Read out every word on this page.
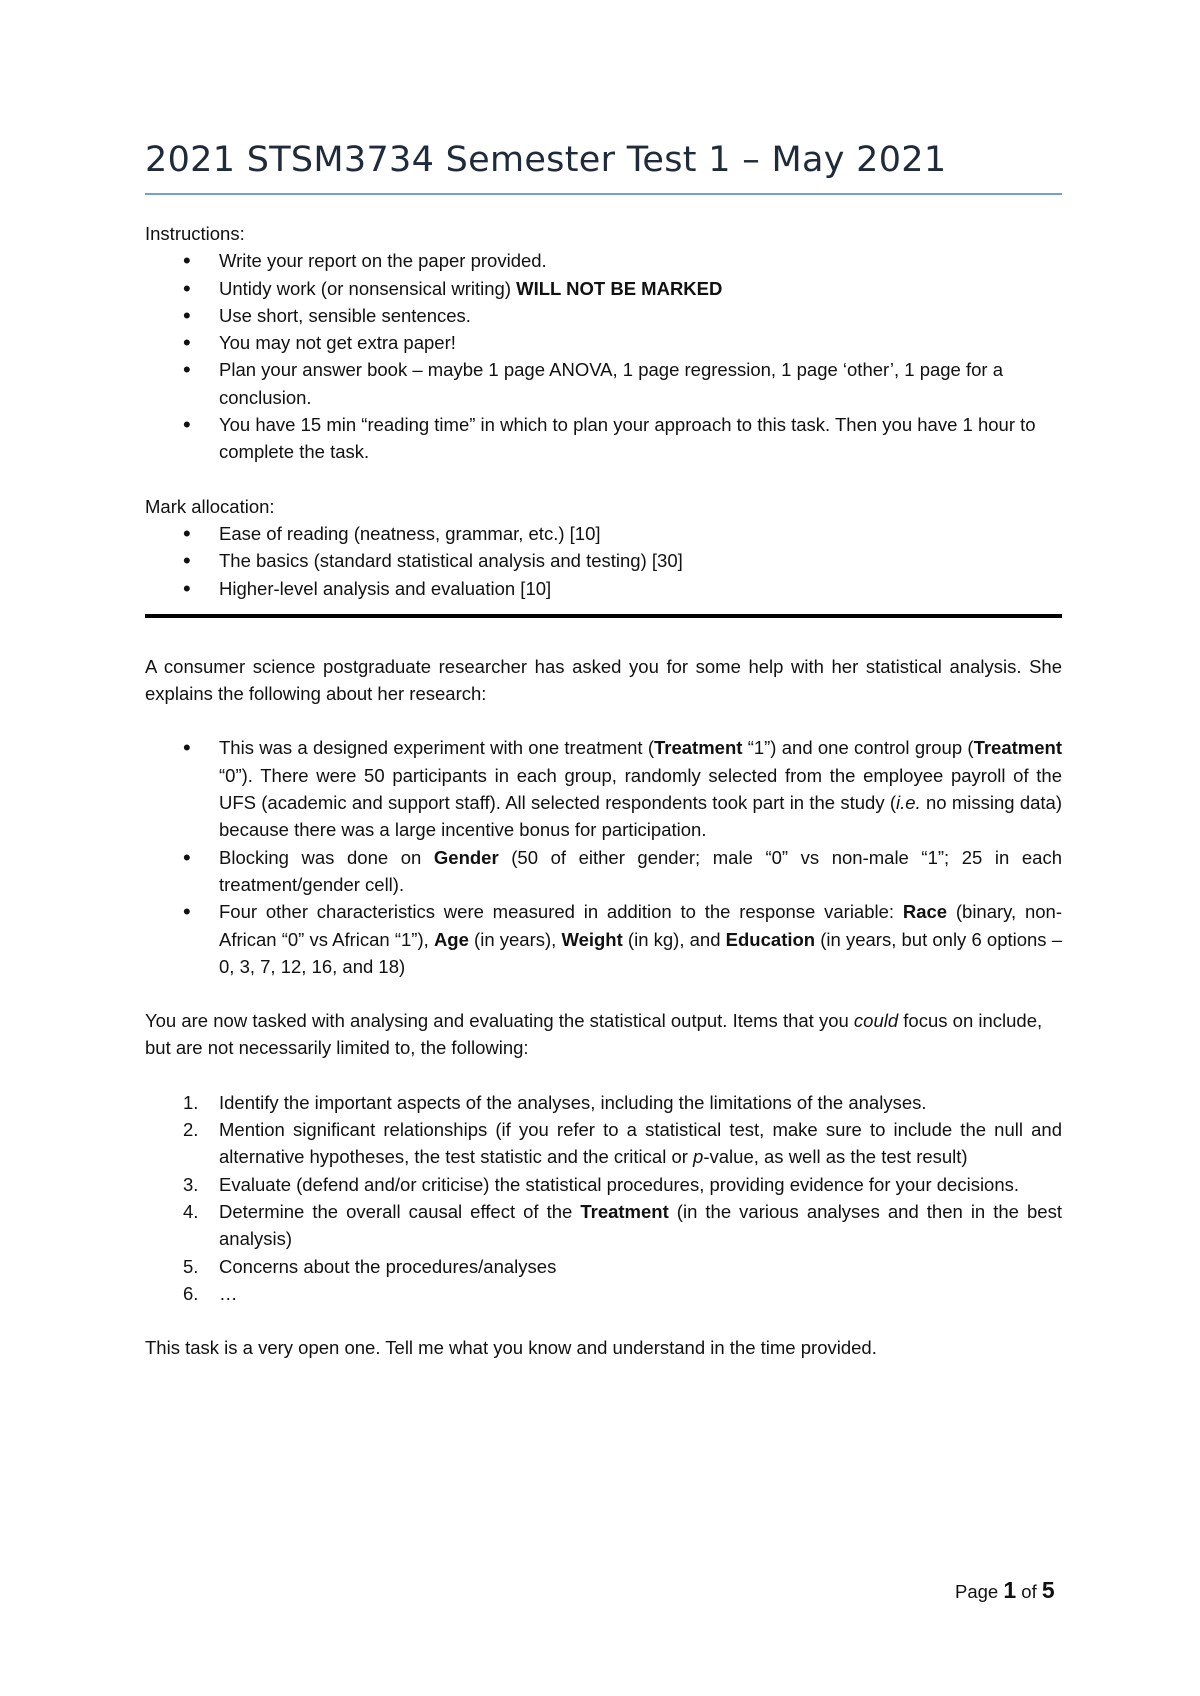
2021 STSM3734 Semester Test 1 – May 2021

Instructions:

• Write your report on the paper provided.
• Untidy work (or nonsensical writing) WILL NOT BE MARKED
• Use short, sensible sentences.
• You may not get extra paper!
• Plan your answer book – maybe 1 page ANOVA, 1 page regression, 1 page ‘other’, 1 page for a conclusion.
• You have 15 min “reading time” in which to plan your approach to this task. Then you have 1 hour to complete the task.

Mark allocation:

• Ease of reading (neatness, grammar, etc.) [10]
• The basics (standard statistical analysis and testing) [30]
• Higher-level analysis and evaluation [10]

A consumer science postgraduate researcher has asked you for some help with her statistical analysis. She explains the following about her research:

• This was a designed experiment with one treatment (Treatment “1”) and one control group (Treatment “0”). There were 50 participants in each group, randomly selected from the employee payroll of the UFS (academic and support staff). All selected respondents took part in the study (i.e. no missing data) because there was a large incentive bonus for participation.
• Blocking was done on Gender (50 of either gender; male “0” vs non-male “1”; 25 in each treatment/gender cell).
• Four other characteristics were measured in addition to the response variable: Race (binary, non-African “0” vs African “1”), Age (in years), Weight (in kg), and Education (in years, but only 6 options – 0, 3, 7, 12, 16, and 18)

You are now tasked with analysing and evaluating the statistical output. Items that you could focus on include, but are not necessarily limited to, the following:

1. Identify the important aspects of the analyses, including the limitations of the analyses.
2. Mention significant relationships (if you refer to a statistical test, make sure to include the null and alternative hypotheses, the test statistic and the critical or p-value, as well as the test result)
3. Evaluate (defend and/or criticise) the statistical procedures, providing evidence for your decisions.
4. Determine the overall causal effect of the Treatment (in the various analyses and then in the best analysis)
5. Concerns about the procedures/analyses
6. …

This task is a very open one. Tell me what you know and understand in the time provided.

Page 1 of 5
